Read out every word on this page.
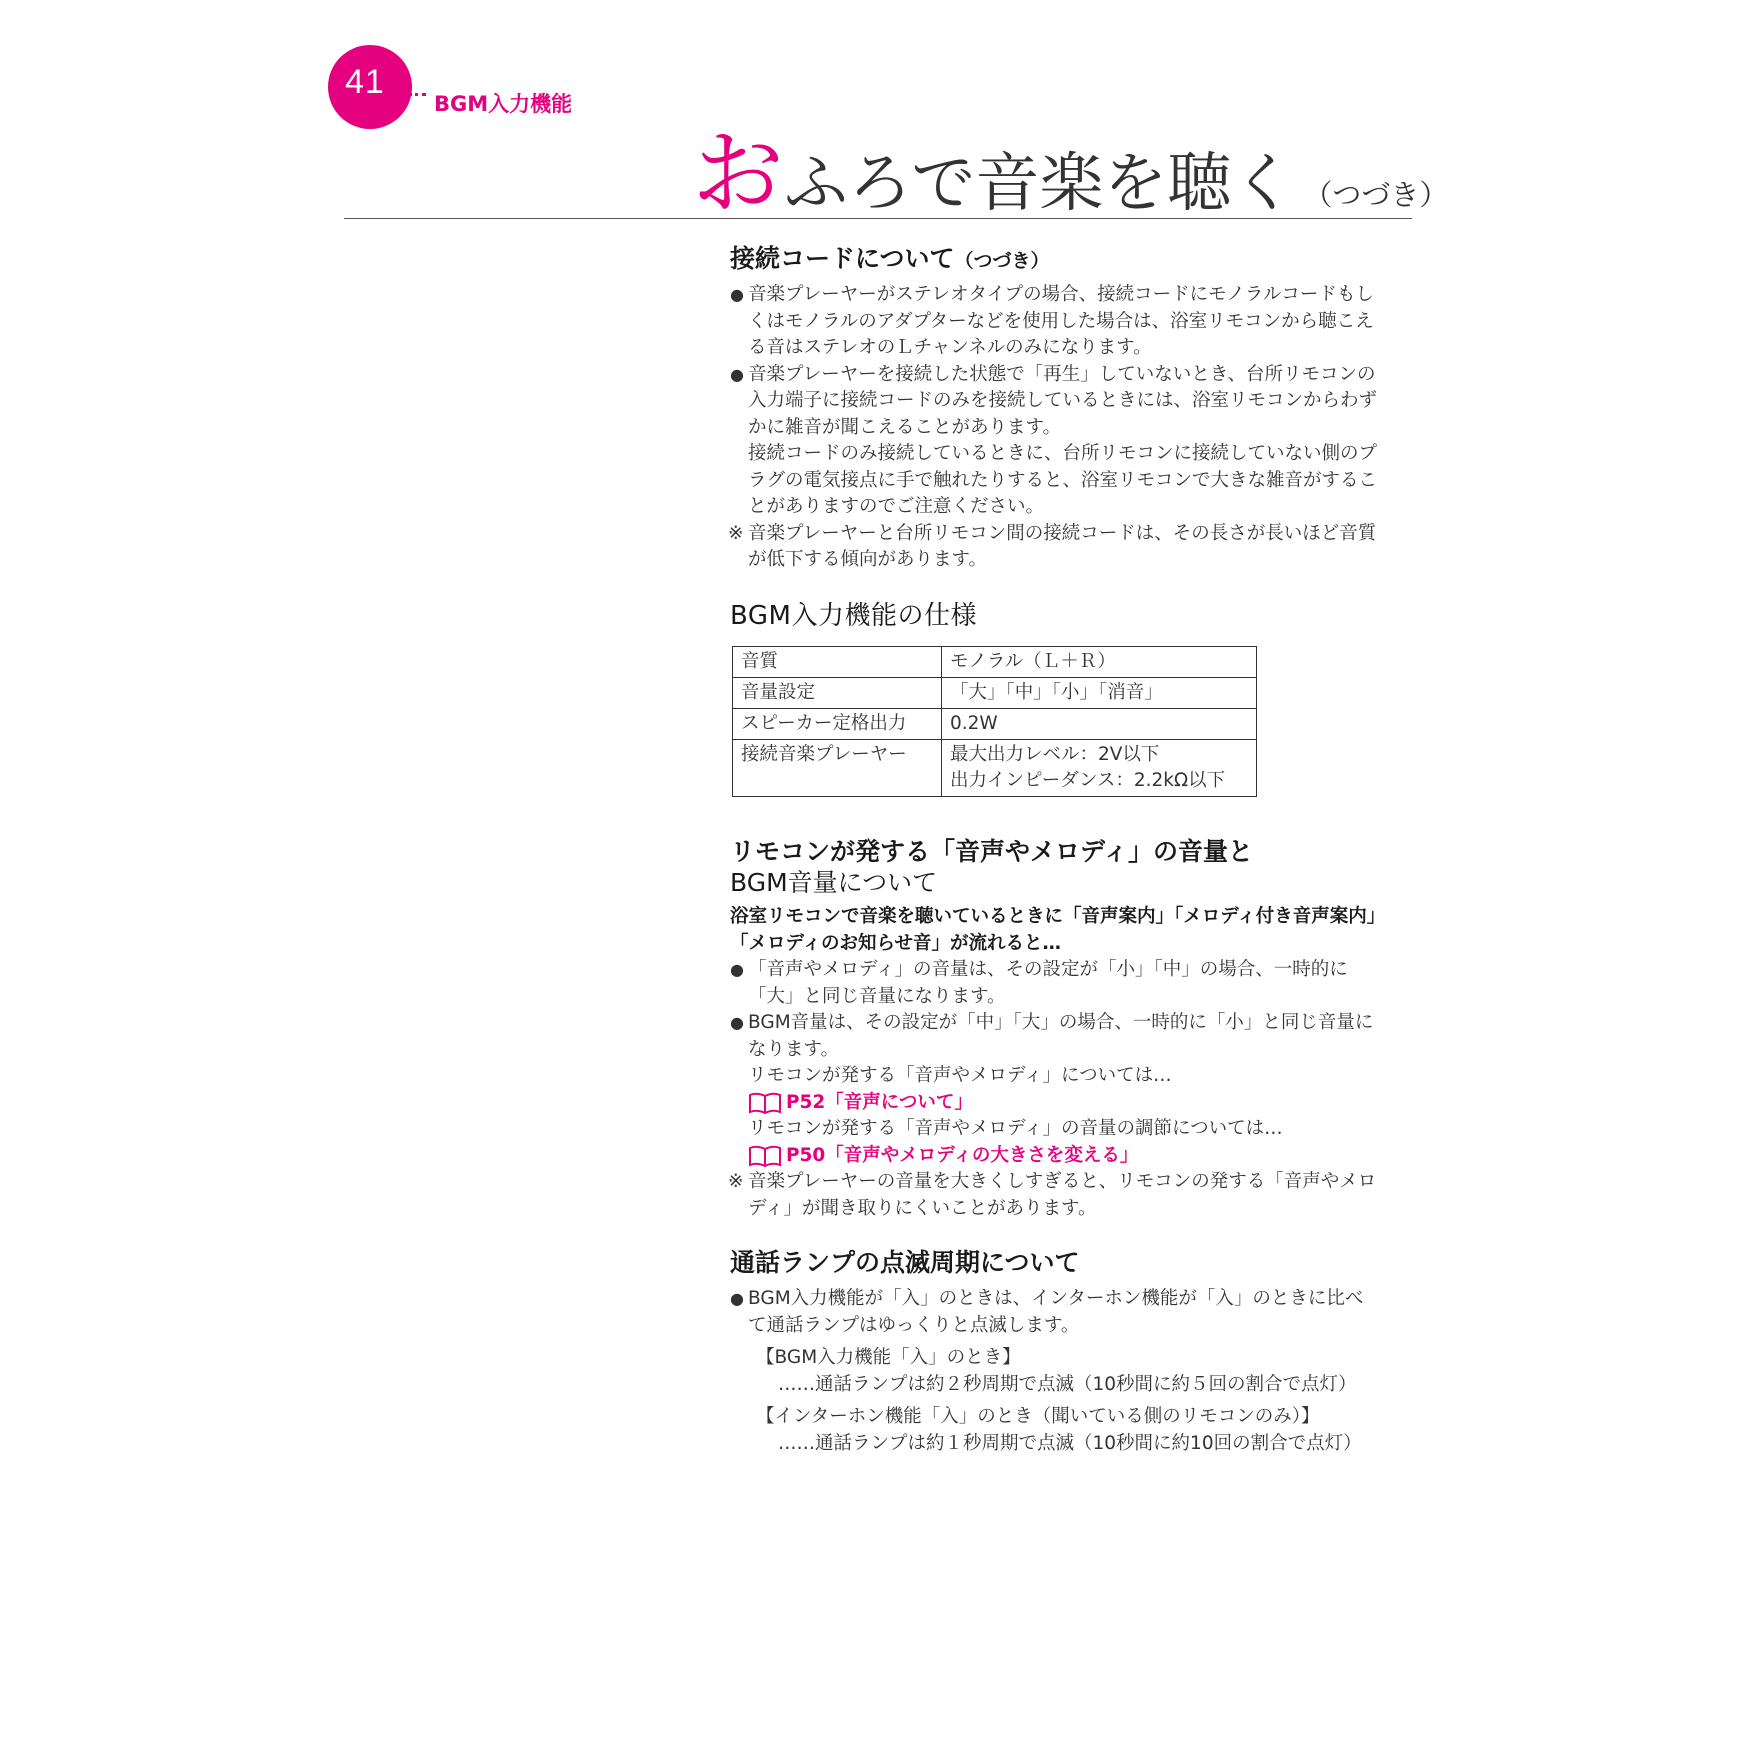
41
BGM入力機能
おふろで音楽を聴く （つづき）
接続コードについて（つづき）
● 音楽プレーヤーがステレオタイプの場合、接続コードにモノラルコードもし
くはモノラルのアダプターなどを使用した場合は、浴室リモコンから聴こえ
る音はステレオのＬチャンネルのみになります。
● 音楽プレーヤーを接続した状態で「再生」していないとき、台所リモコンの
入力端子に接続コードのみを接続しているときには、浴室リモコンからわず
かに雑音が聞こえることがあります。
接続コードのみ接続しているときに、台所リモコンに接続していない側のプ
ラグの電気接点に手で触れたりすると、浴室リモコンで大きな雑音がするこ
とがありますのでご注意ください。
※ 音楽プレーヤーと台所リモコン間の接続コードは、その長さが長いほど音質
が低下する傾向があります。
BGM入力機能の仕様
音質	モノラル（Ｌ＋Ｒ）
音量設定	「大」「中」「小」「消音」
スピーカー定格出力	0.2W
接続音楽プレーヤー	最大出力レベル：2V以下
出力インピーダンス：2.2kΩ以下
リモコンが発する「音声やメロディ」の音量と
BGM音量について
浴室リモコンで音楽を聴いているときに「音声案内」「メロディ付き音声案内」
「メロディのお知らせ音」が流れると…
● 「音声やメロディ」の音量は、その設定が「小」「中」の場合、一時的に
「大」と同じ音量になります。
● BGM音量は、その設定が「中」「大」の場合、一時的に「小」と同じ音量に
なります。
リモコンが発する「音声やメロディ」については…
P52「音声について」
リモコンが発する「音声やメロディ」の音量の調節については…
P50「音声やメロディの大きさを変える」
※ 音楽プレーヤーの音量を大きくしすぎると、リモコンの発する「音声やメロ
ディ」が聞き取りにくいことがあります。
通話ランプの点滅周期について
● BGM入力機能が「入」のときは、インターホン機能が「入」のときに比べ
て通話ランプはゆっくりと点滅します。
【BGM入力機能「入」のとき】
……通話ランプは約２秒周期で点滅（10秒間に約５回の割合で点灯）
【インターホン機能「入」のとき（聞いている側のリモコンのみ）】
……通話ランプは約１秒周期で点滅（10秒間に約10回の割合で点灯）
